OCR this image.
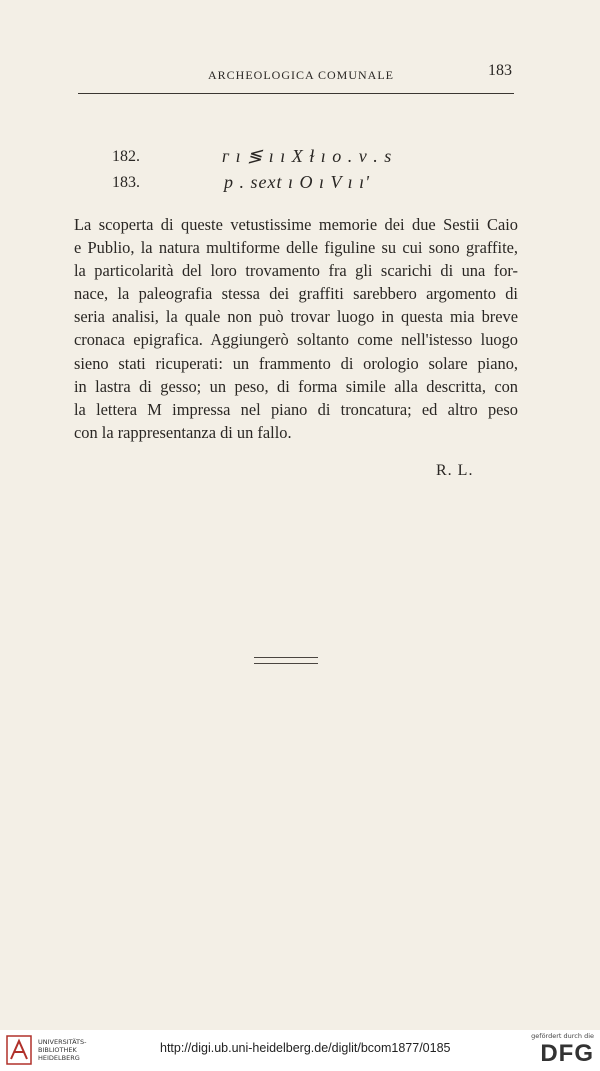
ARCHEOLOGICA COMUNALE	183
182.	ᴦ ı ≶ ı ı X ɫ ı o . v . s
183.	p . sext ı O ı V ı ı'
La scoperta di queste vetustissime memorie dei due Sestii Caio
e Publio, la natura multiforme delle figuline su cui sono graffite,
la particolarità del loro trovamento fra gli scarichi di una for-
nace, la paleografia stessa dei graffiti sarebbero argomento di
seria analisi, la quale non può trovar luogo in questa mia breve
cronaca epigrafica. Aggiungerò soltanto come nell'istesso luogo
sieno stati ricuperati: un frammento di orologio solare piano,
in lastra di gesso; un peso, di forma simile alla descritta, con
la lettera M impressa nel piano di troncatura; ed altro peso
con la rappresentanza di un fallo.
R. L.
UNIVERSITÄTS-
BIBLIOTHEK
HEIDELBERG
http://digi.ub.uni-heidelberg.de/diglit/bcom1877/0185
gefördert durch die
DFG
